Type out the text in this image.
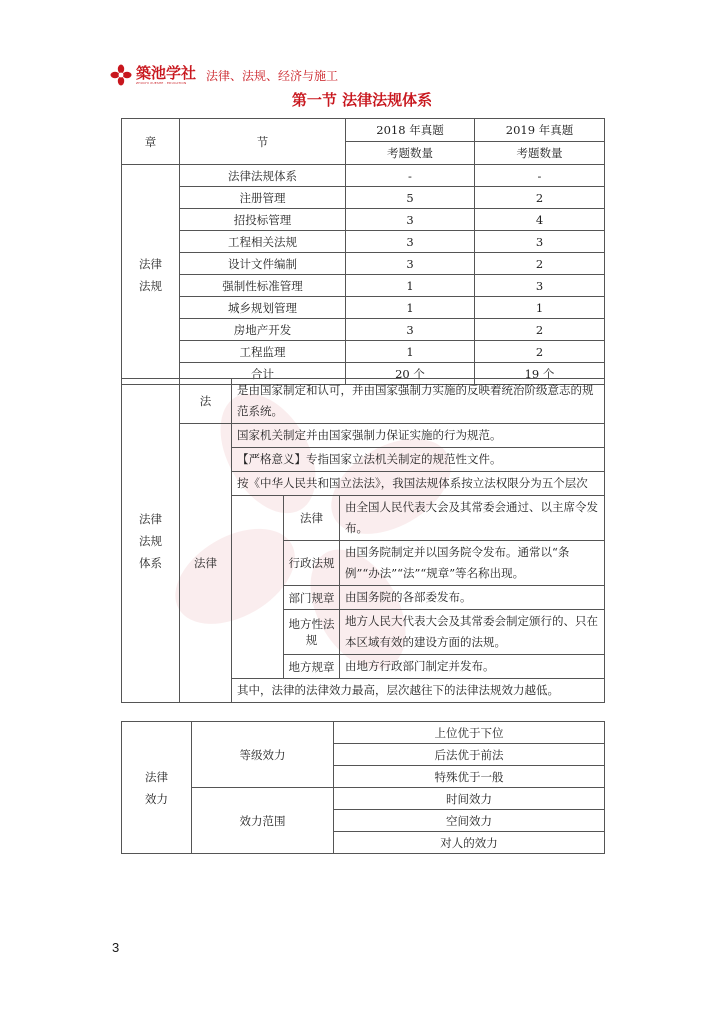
築池学社
ZHUCHI XUESHE · EDUCATION	法律、法规、经济与施工
第一节 法律法规体系
章	节	2018 年真题	2019 年真题
		考题数量	考题数量
法律
法规	法律法规体系	-	-
	注册管理	5	2
	招投标管理	3	4
	工程相关法规	3	3
	设计文件编制	3	2
	强制性标准管理	1	3
	城乡规划管理	1	1
	房地产开发	3	2
	工程监理	1	2
	合计	20 个	19 个
法律
法规
体系	法	是由国家制定和认可，并由国家强制力实施的反映着统治阶级意志的规范系统。		
	法律	国家机关制定并由国家强制力保证实施的行为规范。		
		【严格意义】专指国家立法机关制定的规范性文件。		
		按《中华人民共和国立法法》，我国法规体系按立法权限分为五个层次		
			法律	由全国人民代表大会及其常委会通过、以主席令发布。
			行政法规	由国务院制定并以国务院令发布。通常以“条例”“办法”“法”“规章”等名称出现。
			部门规章	由国务院的各部委发布。
			地方性法规	地方人民大代表大会及其常委会制定颁行的、只在本区域有效的建设方面的法规。
			地方规章	由地方行政部门制定并发布。
		其中，法律的法律效力最高，层次越往下的法律法规效力越低。		
法律
效力	等级效力	上位优于下位
		后法优于前法
		特殊优于一般
	效力范围	时间效力
		空间效力
		对人的效力
3
